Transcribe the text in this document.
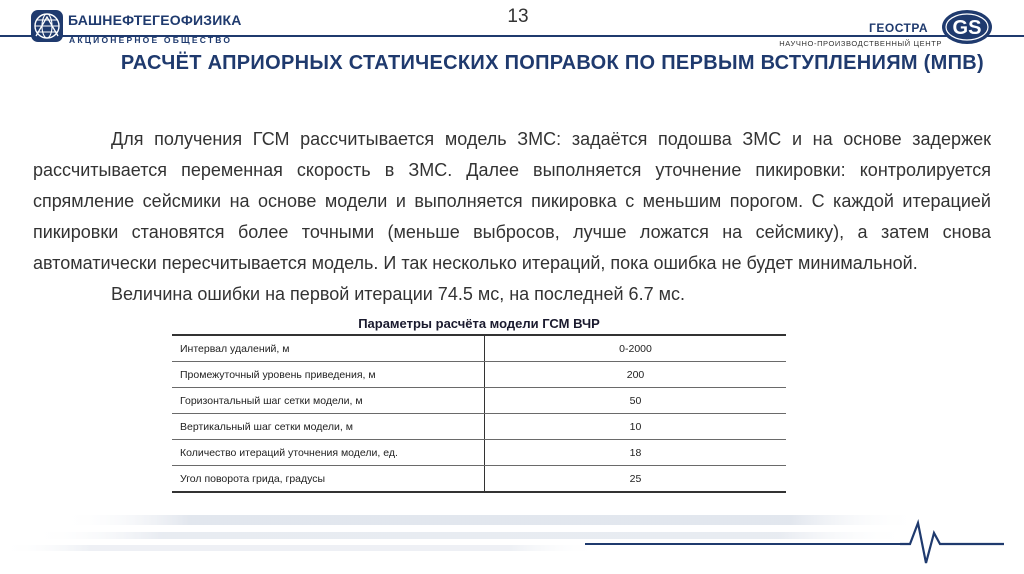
БАШНЕФТЕГЕОФИЗИКА
АКЦИОНЕРНОЕ ОБЩЕСТВО
13
ГЕОСТРА
НАУЧНО-ПРОИЗВОДСТВЕННЫЙ ЦЕНТР
GS
РАСЧЁТ АПРИОРНЫХ СТАТИЧЕСКИХ ПОПРАВОК ПО ПЕРВЫМ ВСТУПЛЕНИЯМ (МПВ)

Для получения ГСМ рассчитывается модель ЗМС: задаётся подошва ЗМС и на основе задержек рассчитывается переменная скорость в ЗМС. Далее выполняется уточнение пикировки: контролируется спрямление сейсмики на основе модели и выполняется пикировка с меньшим порогом. С каждой итерацией пикировки становятся более точными (меньше выбросов, лучше ложатся на сейсмику), а затем снова автоматически пересчитывается модель. И так несколько итераций, пока ошибка не будет минимальной.

Величина ошибки на первой итерации 74.5 мс, на последней 6.7 мс.

Параметры расчёта модели ГСМ ВЧР
Интервал удалений, м	0-2000
Промежуточный уровень приведения, м	200
Горизонтальный шаг сетки модели, м	50
Вертикальный шаг сетки модели, м	10
Количество итераций уточнения модели, ед.	18
Угол поворота грида, градусы	25
